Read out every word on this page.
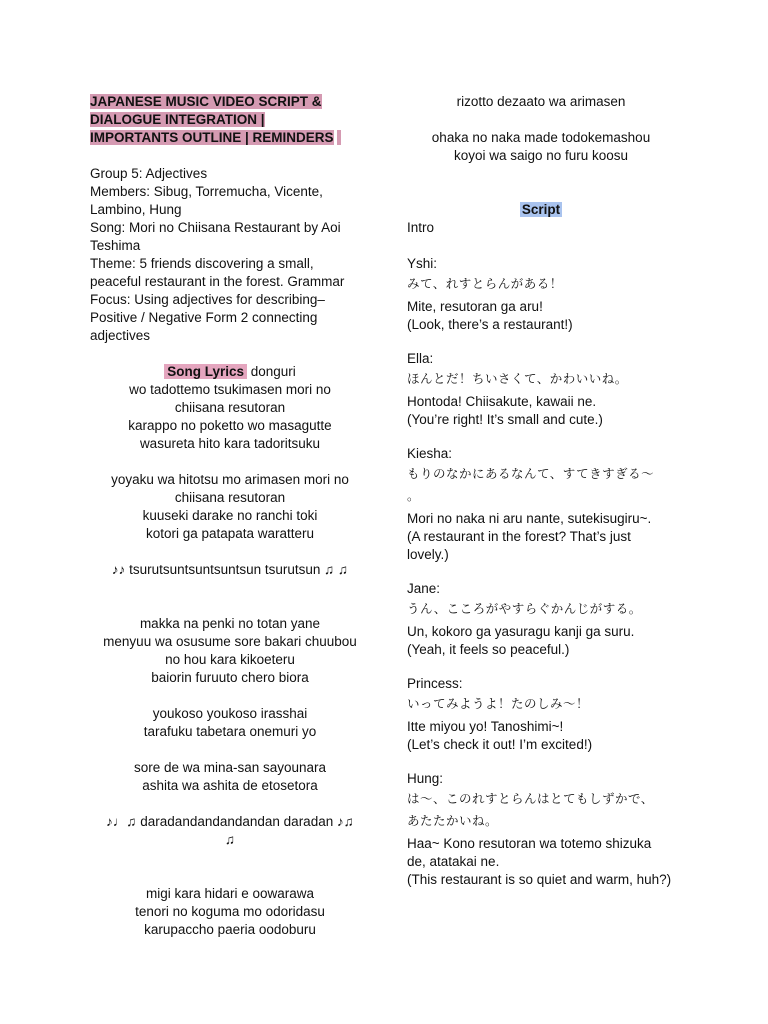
JAPANESE MUSIC VIDEO SCRIPT &
DIALOGUE INTEGRATION |
IMPORTANTS OUTLINE | REMINDERS
Group 5: Adjectives
Members: Sibug, Torremucha, Vicente,
Lambino, Hung
Song: Mori no Chiisana Restaurant by Aoi
Teshima
Theme: 5 friends discovering a small,
peaceful restaurant in the forest. Grammar
Focus: Using adjectives for describing–
Positive / Negative Form 2 connecting
adjectives
Song Lyrics donguri
wo tadottemo tsukimasen mori no
chiisana resutoran
karappo no poketto wo masagutte
wasureta hito kara tadoritsuku
yoyaku wa hitotsu mo arimasen mori no
chiisana resutoran
kuuseki darake no ranchi toki
kotori ga patapata waratteru
♪♪ tsurutsuntsuntsuntsun tsurutsun ♫ ♫
makka na penki no totan yane
menyuu wa osusume sore bakari chuubou
no hou kara kikoeteru
baiorin furuuto chero biora
youkoso youkoso irasshai
tarafuku tabetara onemuri yo
sore de wa mina-san sayounara
ashita wa ashita de etosetora
♪♩♫ daradandandandandan daradan ♪♫
♫
migi kara hidari e oowarawa
tenori no koguma mo odoridasu
karupaccho paeria oodoburu
rizotto dezaato wa arimasen
ohaka no naka made todokemashou
koyoi wa saigo no furu koosu
Script
Intro
Yshi:
みて、れすとらんがある！
Mite, resutoran ga aru!
(Look, there’s a restaurant!)
Ella:
ほんとだ！ちいさくて、かわいいね。
Hontoda! Chiisakute, kawaii ne.
(You’re right! It’s small and cute.)
Kiesha:
もりのなかにあるなんて、すてきすぎる〜
。
Mori no naka ni aru nante, sutekisugiru~.
(A restaurant in the forest? That’s just
lovely.)
Jane:
うん、こころがやすらぐかんじがする。
Un, kokoro ga yasuragu kanji ga suru.
(Yeah, it feels so peaceful.)
Princess:
いってみようよ！たのしみ〜！
Itte miyou yo! Tanoshimi~!
(Let’s check it out! I’m excited!)
Hung:
は〜、このれすとらんはとてもしずかで、
あたたかいね。
Haa~ Kono resutoran wa totemo shizuka
de, atatakai ne.
(This restaurant is so quiet and warm, huh?)
